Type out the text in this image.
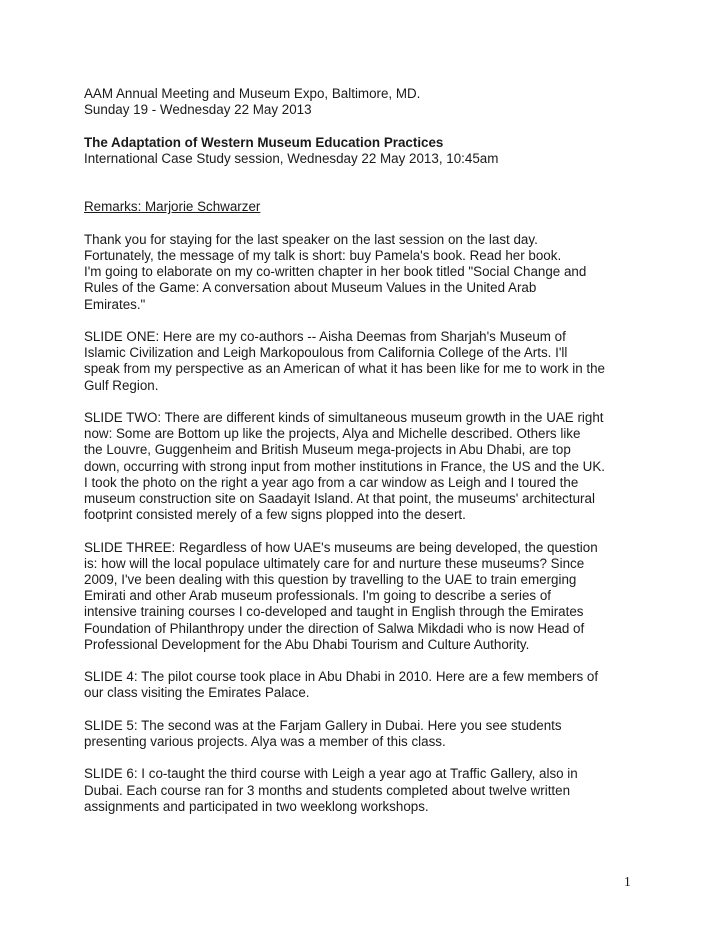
AAM Annual Meeting and Museum Expo, Baltimore, MD.
Sunday 19 - Wednesday 22 May 2013
The Adaptation of Western Museum Education Practices
International Case Study session, Wednesday 22 May 2013, 10:45am
Remarks: Marjorie Schwarzer
Thank you for staying for the last speaker on the last session on the last day.
Fortunately, the message of my talk is short: buy Pamela's book. Read her book.
I'm going to elaborate on my co-written chapter in her book titled "Social Change and
Rules of the Game: A conversation about Museum Values in the United Arab
Emirates."
SLIDE ONE: Here are my co-authors -- Aisha Deemas from Sharjah's Museum of
Islamic Civilization and Leigh Markopoulous from California College of the Arts. I'll
speak from my perspective as an American of what it has been like for me to work in the
Gulf Region.
SLIDE TWO: There are different kinds of simultaneous museum growth in the UAE right
now: Some are Bottom up like the projects, Alya and Michelle described. Others like
the Louvre, Guggenheim and British Museum mega-projects in Abu Dhabi, are top
down, occurring with strong input from mother institutions in France, the US and the UK.
I took the photo on the right a year ago from a car window as Leigh and I toured the
museum construction site on Saadayit Island. At that point, the museums' architectural
footprint consisted merely of a few signs plopped into the desert.
SLIDE THREE: Regardless of how UAE's museums are being developed, the question
is: how will the local populace ultimately care for and nurture these museums? Since
2009, I've been dealing with this question by travelling to the UAE to train emerging
Emirati and other Arab museum professionals. I'm going to describe a series of
intensive training courses I co-developed and taught in English through the Emirates
Foundation of Philanthropy under the direction of Salwa Mikdadi who is now Head of
Professional Development for the Abu Dhabi Tourism and Culture Authority.
SLIDE 4: The pilot course took place in Abu Dhabi in 2010. Here are a few members of
our class visiting the Emirates Palace.
SLIDE 5: The second was at the Farjam Gallery in Dubai. Here you see students
presenting various projects. Alya was a member of this class.
SLIDE 6: I co-taught the third course with Leigh a year ago at Traffic Gallery, also in
Dubai. Each course ran for 3 months and students completed about twelve written
assignments and participated in two weeklong workshops.
1
